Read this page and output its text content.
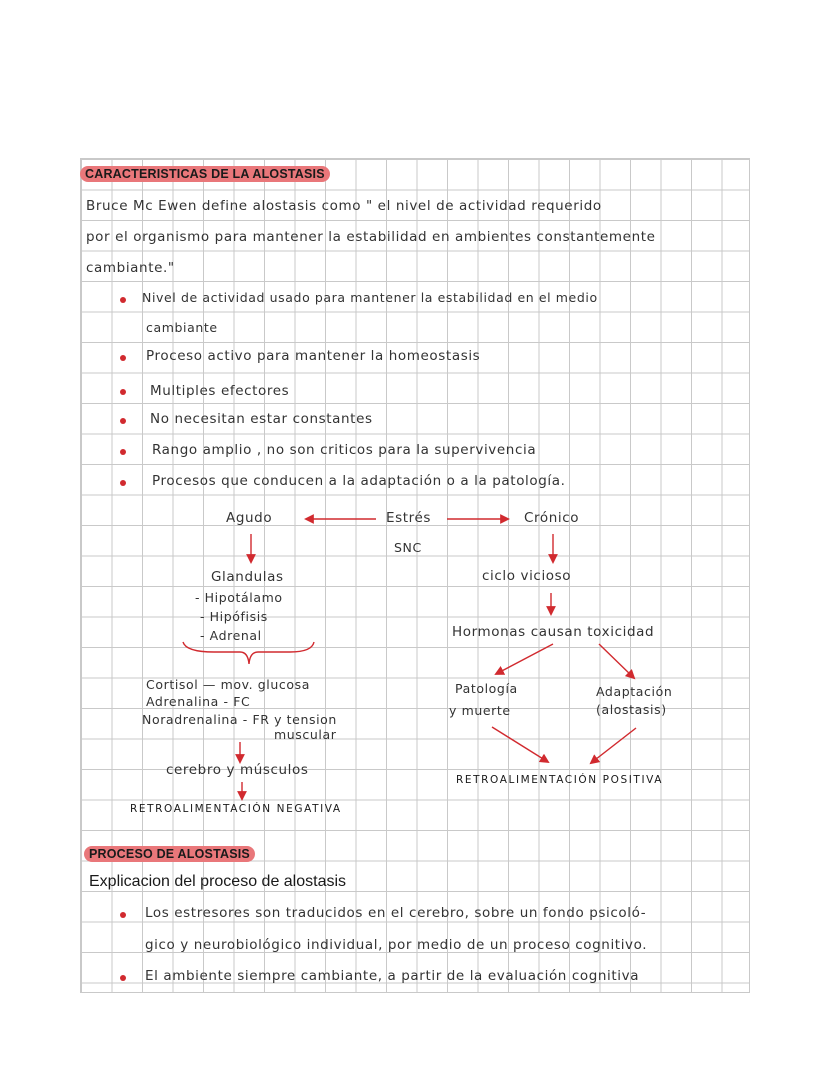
CARACTERISTICAS DE LA ALOSTASIS
Bruce Mc Ewen define alostasis como " el nivel de actividad requerido
por el organismo para mantener la estabilidad en ambientes constantemente
cambiante."
Nivel de actividad usado para mantener la estabilidad en el medio
cambiante
Proceso activo para mantener la homeostasis
Multiples efectores
No necesitan estar constantes
Rango amplio , no son criticos para la supervivencia
Procesos que conducen a la adaptación o a la patología.
Agudo	Estrés
SNC
Crónico
Glandulas
- Hipotálamo
- Hipófisis
- Adrenal
Cortisol — mov. glucosa
Adrenalina - FC
Noradrenalina - FR y tension
muscular
cerebro y músculos
RETROALIMENTACIÓN NEGATIVA
ciclo vicioso
Hormonas causan toxicidad
Patología
y muerte
Adaptación
(alostasis)
RETROALIMENTACIÓN POSITIVA
PROCESO DE ALOSTASIS
Explicacion del proceso de alostasis
Los estresores son traducidos en el cerebro, sobre un fondo psicoló-
gico y neurobiológico individual, por medio de un proceso cognitivo.
El ambiente siempre cambiante, a partir de la evaluación cognitiva
